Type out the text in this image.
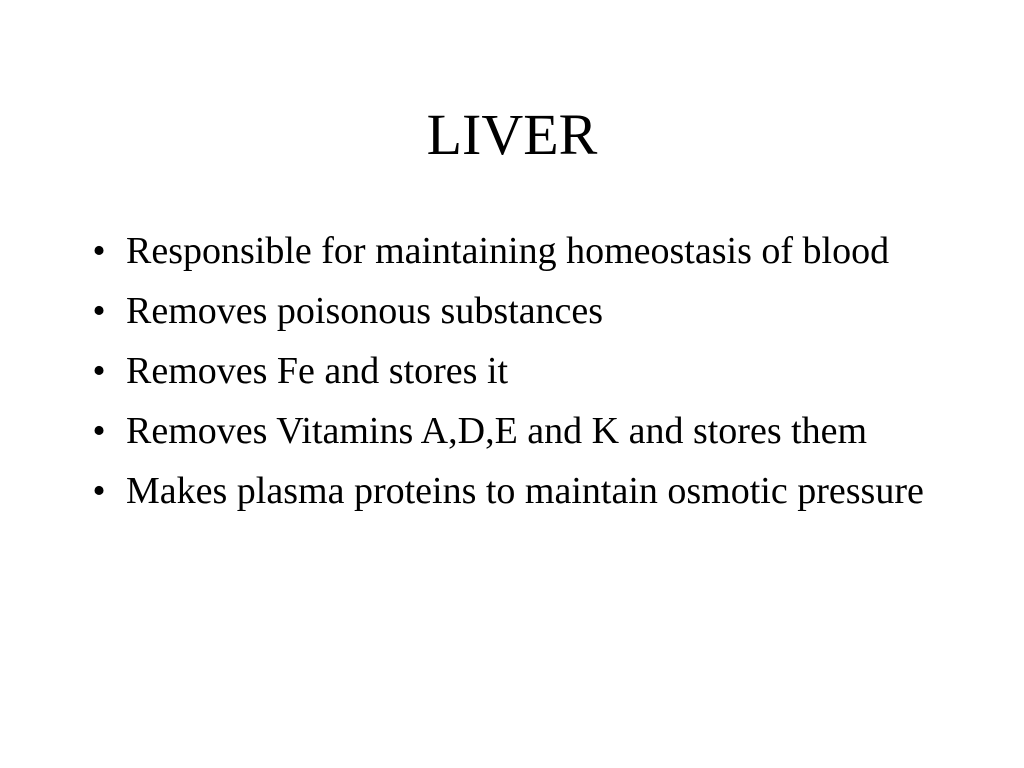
LIVER
• Responsible for maintaining homeostasis of blood
• Removes poisonous substances
• Removes Fe and stores it
• Removes Vitamins A,D,E and K and stores them
• Makes plasma proteins to maintain osmotic pressure
